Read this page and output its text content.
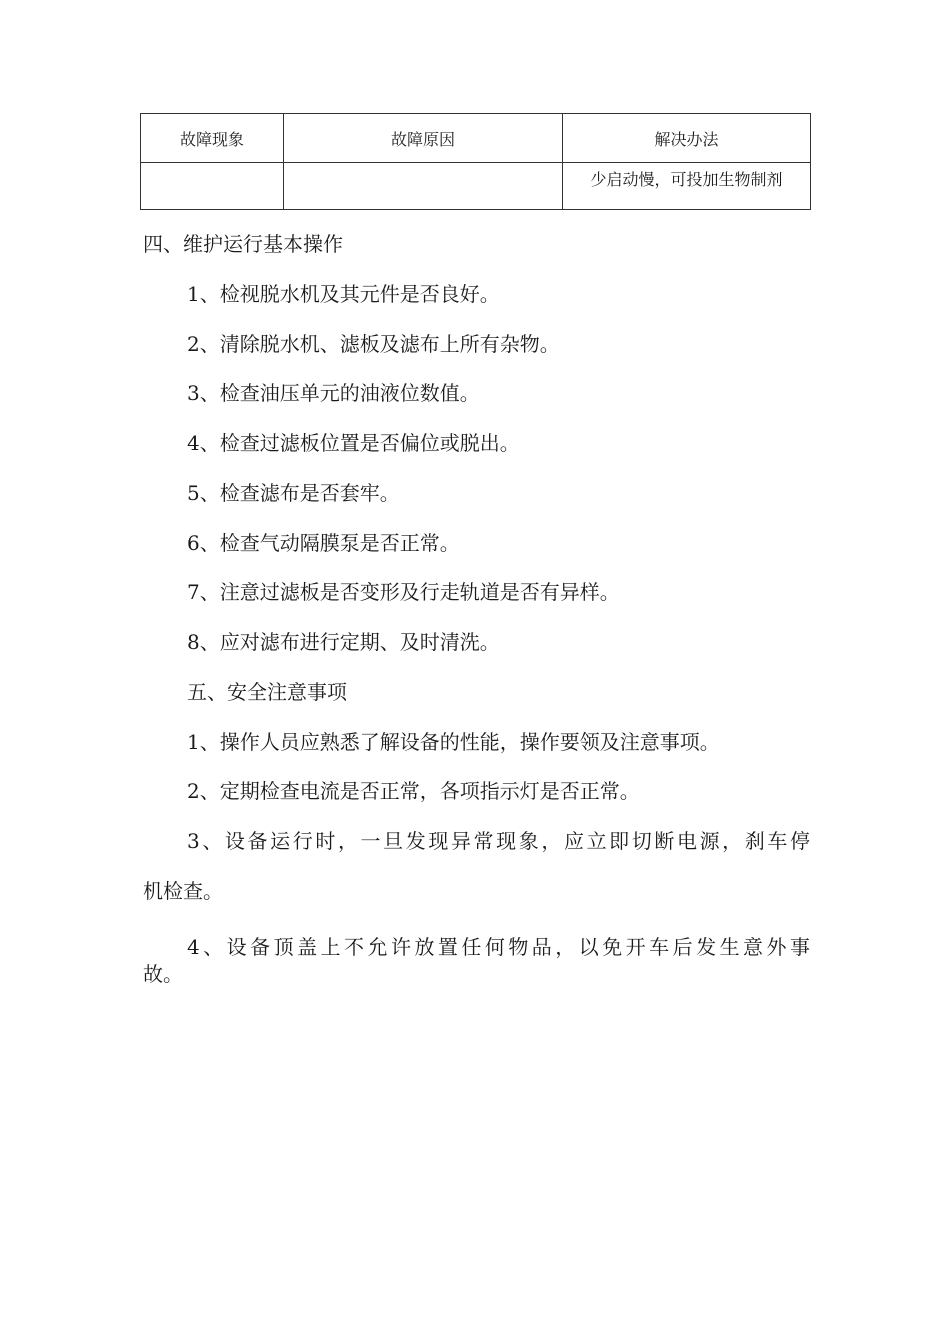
故障现象	故障原因	解决办法
		少启动慢，可投加生物制剂
四、维护运行基本操作
1、检视脱水机及其元件是否良好。
2、清除脱水机、滤板及滤布上所有杂物。
3、检查油压单元的油液位数值。
4、检查过滤板位置是否偏位或脱出。
5、检查滤布是否套牢。
6、检查气动隔膜泵是否正常。
7、注意过滤板是否变形及行走轨道是否有异样。
8、应对滤布进行定期、及时清洗。
五、安全注意事项
1、操作人员应熟悉了解设备的性能，操作要领及注意事项。
2、定期检查电流是否正常，各项指示灯是否正常。
3、设备运行时，一旦发现异常现象，应立即切断电源，刹车停
机检查。
4、设备顶盖上不允许放置任何物品，以免开车后发生意外事
故。
